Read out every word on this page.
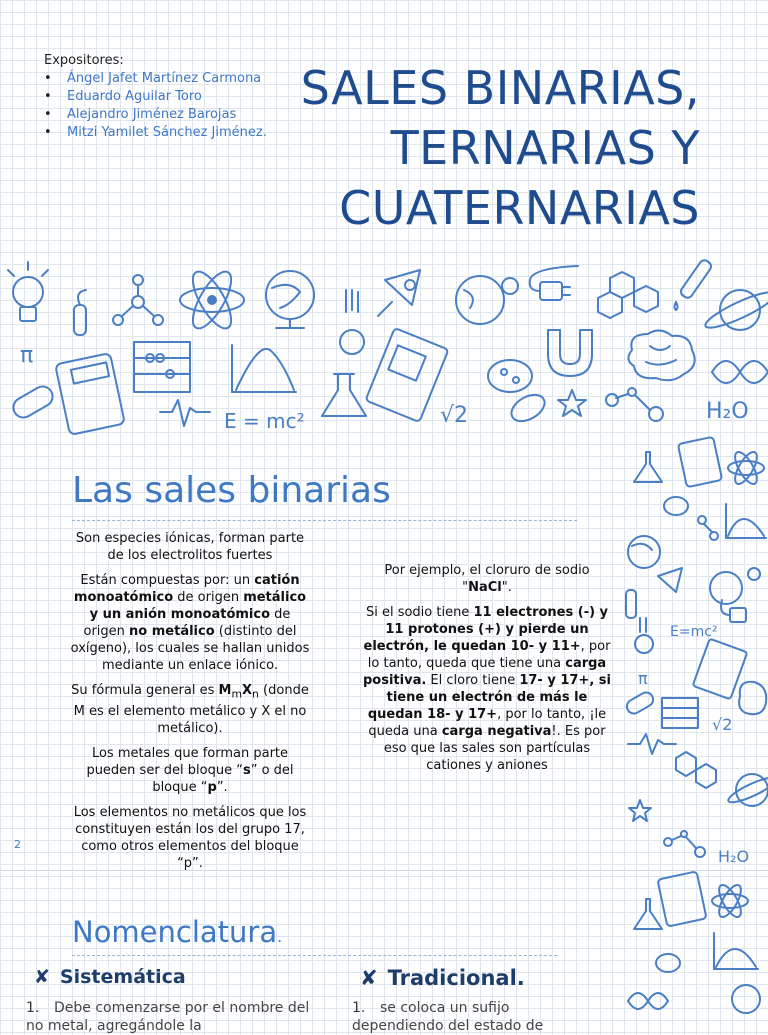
Expositores:
• Ángel Jafet Martínez Carmona
• Eduardo Aguilar Toro
• Alejandro Jiménez Barojas
• Mitzi Yamilet Sánchez Jiménez.
SALES BINARIAS,
TERNARIAS Y
CUATERNARIAS
π
E = mc²	√2	H₂O
Las sales binarias

Son especies iónicas, forman parte de los electrolitos fuertes

Están compuestas por: un catión monoatómico de origen metálico y un anión monoatómico de origen no metálico (distinto del oxígeno), los cuales se hallan unidos mediante un enlace iónico.

Su fórmula general es $M_mX_n$ (donde M es el elemento metálico y X el no metálico).

Los metales que forman parte pueden ser del bloque “s” o del bloque “p”.

Los elementos no metálicos que los constituyen están los del grupo 17, como otros elementos del bloque “p”.

Por ejemplo, el cloruro de sodio "NaCl".

Si el sodio tiene 11 electrones (-) y 11 protones (+) y pierde un electrón, le quedan 10- y 11+, por lo tanto, queda que tiene una carga positiva. El cloro tiene 17- y 17+, si tiene un electrón de más le quedan 18- y 17+, por lo tanto, ¡le queda una carga negativa!. Es por eso que las sales son partículas cationes y aniones

2
E=mc²
π
√2
H₂O
Nomenclatura.
✘ Sistemática	✘ Tradicional.
1. Debe comenzarse por el nombre del no metal, agregándole la
1. se coloca un sufijo dependiendo del estado de
